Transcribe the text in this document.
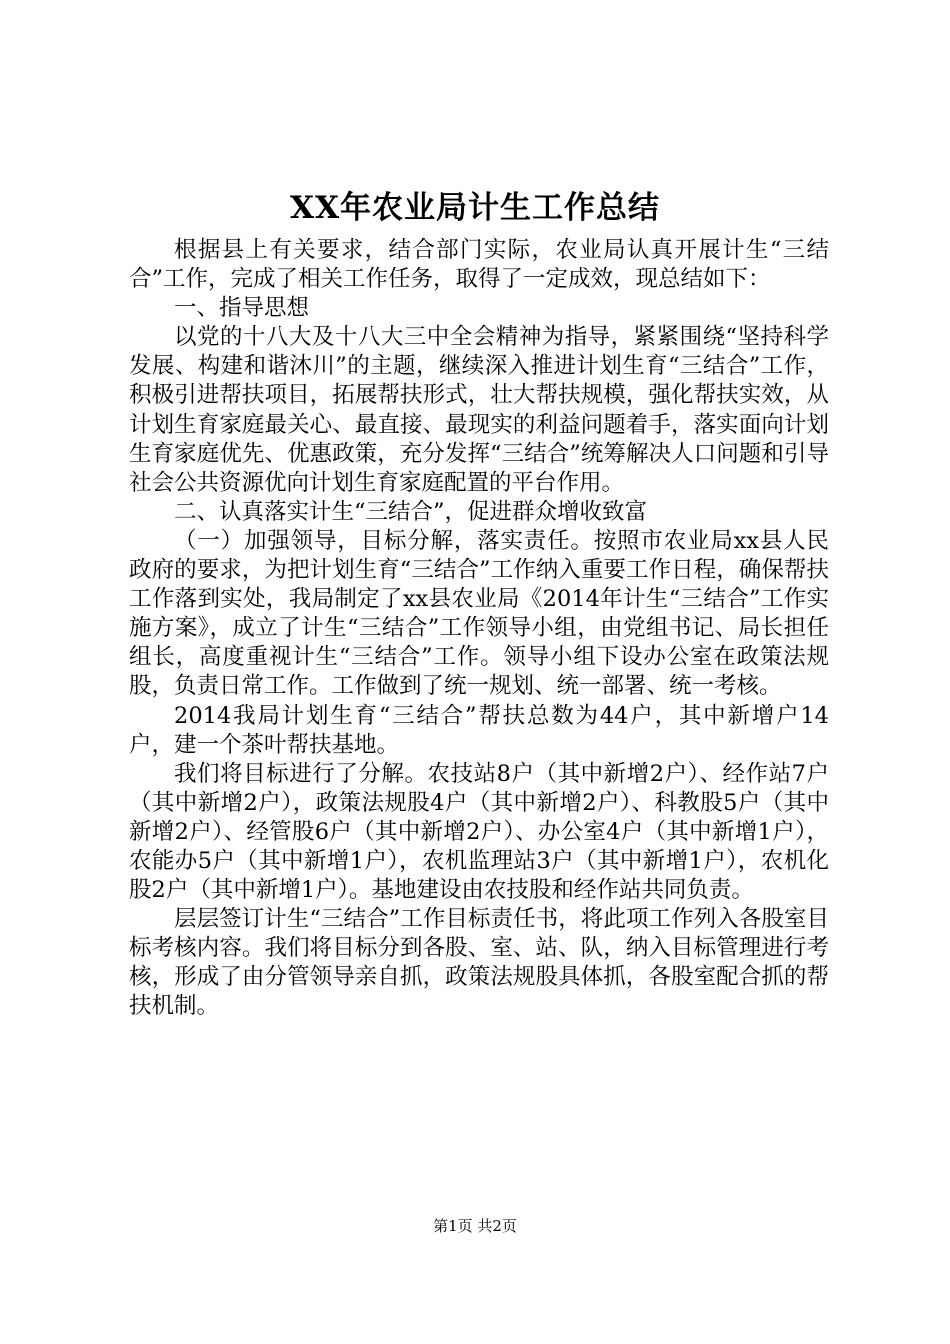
XX年农业局计生工作总结

根据县上有关要求，结合部门实际，农业局认真开展计生“三结合”工作，完成了相关工作任务，取得了一定成效，现总结如下：

一、指导思想

以党的十八大及十八大三中全会精神为指导，紧紧围绕“坚持科学发展、构建和谐沐川”的主题，继续深入推进计划生育“三结合”工作，积极引进帮扶项目，拓展帮扶形式，壮大帮扶规模，强化帮扶实效，从计划生育家庭最关心、最直接、最现实的利益问题着手，落实面向计划生育家庭优先、优惠政策，充分发挥“三结合”统筹解决人口问题和引导社会公共资源优向计划生育家庭配置的平台作用。

二、认真落实计生“三结合”，促进群众增收致富

（一）加强领导，目标分解，落实责任。按照市农业局xx县人民政府的要求，为把计划生育“三结合”工作纳入重要工作日程，确保帮扶工作落到实处，我局制定了xx县农业局《2014年计生“三结合”工作实施方案》，成立了计生“三结合”工作领导小组，由党组书记、局长担任组长，高度重视计生“三结合”工作。领导小组下设办公室在政策法规股，负责日常工作。工作做到了统一规划、统一部署、统一考核。

2014我局计划生育“三结合”帮扶总数为44户，其中新增户14户，建一个茶叶帮扶基地。

我们将目标进行了分解。农技站8户（其中新增2户）、经作站7户（其中新增2户），政策法规股4户（其中新增2户）、科教股5户（其中新增2户）、经管股6户（其中新增2户）、办公室4户（其中新增1户），农能办5户（其中新增1户），农机监理站3户（其中新增1户），农机化股2户（其中新增1户）。基地建设由农技股和经作站共同负责。

层层签订计生“三结合”工作目标责任书，将此项工作列入各股室目标考核内容。我们将目标分到各股、室、站、队，纳入目标管理进行考核，形成了由分管领导亲自抓，政策法规股具体抓，各股室配合抓的帮扶机制。

第1页 共2页
